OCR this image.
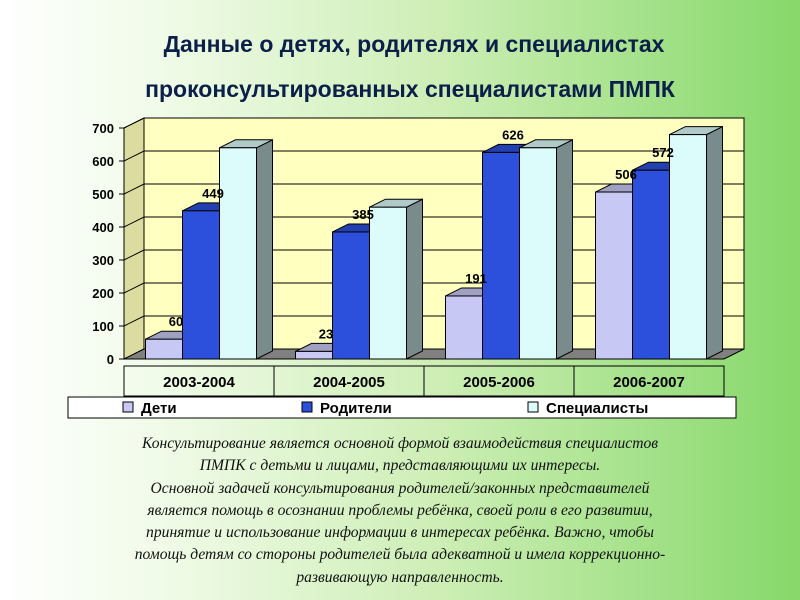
Данные о детях, родителях и специалистах
проконсультированных специалистами ПМПК
0
100
200
300
400
500
600
700
60
449
23
385
191
626
506
572
2003-2004	2004-2005	2005-2006	2006-2007
Дети	Родители	Специалисты
Консультирование является основной формой взаимодействия специалистов
ПМПК с детьми и лицами, представляющими их интересы.
Основной задачей консультирования родителей/законных представителей
является помощь в осознании проблемы ребёнка, своей роли в его развитии,
принятие и использование информации в интересах ребёнка. Важно, чтобы
помощь детям со стороны родителей была адекватной и имела коррекционно-
развивающую направленность.
